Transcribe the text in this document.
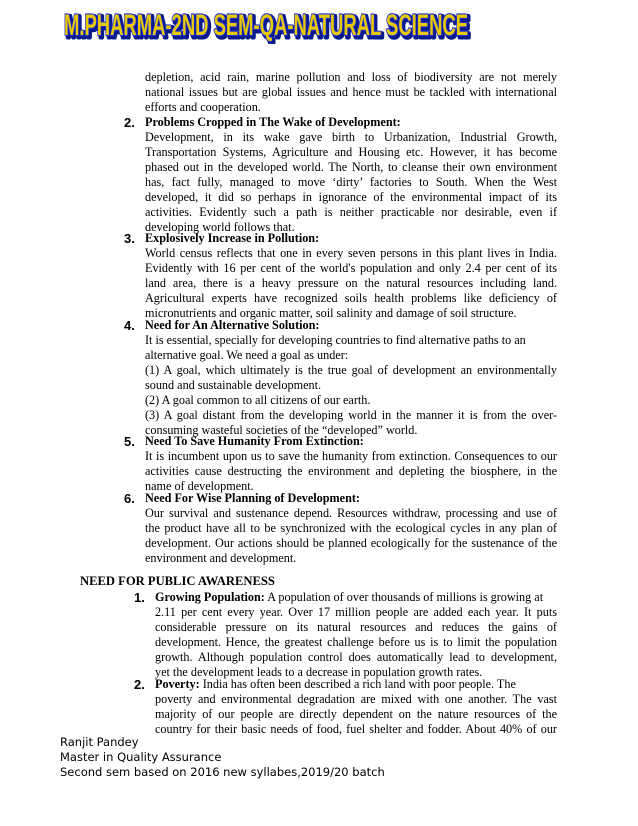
M.PHARMA-2ND SEM-QA-NATURAL SCIENCE
M.PHARMA-2ND SEM-QA-NATURAL SCIENCE
depletion, acid rain, marine pollution and loss of biodiversity are not merely
national issues but are global issues and hence must be tackled with international
efforts and cooperation.
2. Problems Cropped in The Wake of Development:
Development, in its wake gave birth to Urbanization, Industrial Growth,
Transportation Systems, Agriculture and Housing etc. However, it has become
phased out in the developed world. The North, to cleanse their own environment
has, fact fully, managed to move ‘dirty’ factories to South. When the West
developed, it did so perhaps in ignorance of the environmental impact of its
activities. Evidently such a path is neither practicable nor desirable, even if
developing world follows that.
3. Explosively Increase in Pollution:
World census reflects that one in every seven persons in this plant lives in India.
Evidently with 16 per cent of the world's population and only 2.4 per cent of its
land area, there is a heavy pressure on the natural resources including land.
Agricultural experts have recognized soils health problems like deficiency of
micronutrients and organic matter, soil salinity and damage of soil structure.
4. Need for An Alternative Solution:
It is essential, specially for developing countries to find alternative paths to an
alternative goal. We need a goal as under:
(1) A goal, which ultimately is the true goal of development an environmentally
sound and sustainable development.
(2) A goal common to all citizens of our earth.
(3) A goal distant from the developing world in the manner it is from the over-
consuming wasteful societies of the “developed” world.
5. Need To Save Humanity From Extinction:
It is incumbent upon us to save the humanity from extinction. Consequences to our
activities cause destructing the environment and depleting the biosphere, in the
name of development.
6. Need For Wise Planning of Development:
Our survival and sustenance depend. Resources withdraw, processing and use of
the product have all to be synchronized with the ecological cycles in any plan of
development. Our actions should be planned ecologically for the sustenance of the
environment and development.
NEED FOR PUBLIC AWARENESS
1. Growing Population: A population of over thousands of millions is growing at
2.11 per cent every year. Over 17 million people are added each year. It puts
considerable pressure on its natural resources and reduces the gains of
development. Hence, the greatest challenge before us is to limit the population
growth. Although population control does automatically lead to development,
yet the development leads to a decrease in population growth rates.
2. Poverty: India has often been described a rich land with poor people. The
poverty and environmental degradation are mixed with one another. The vast
majority of our people are directly dependent on the nature resources of the
country for their basic needs of food, fuel shelter and fodder. About 40% of our
Ranjit Pandey
Master in Quality Assurance
Second sem based on 2016 new syllabes,2019/20 batch
